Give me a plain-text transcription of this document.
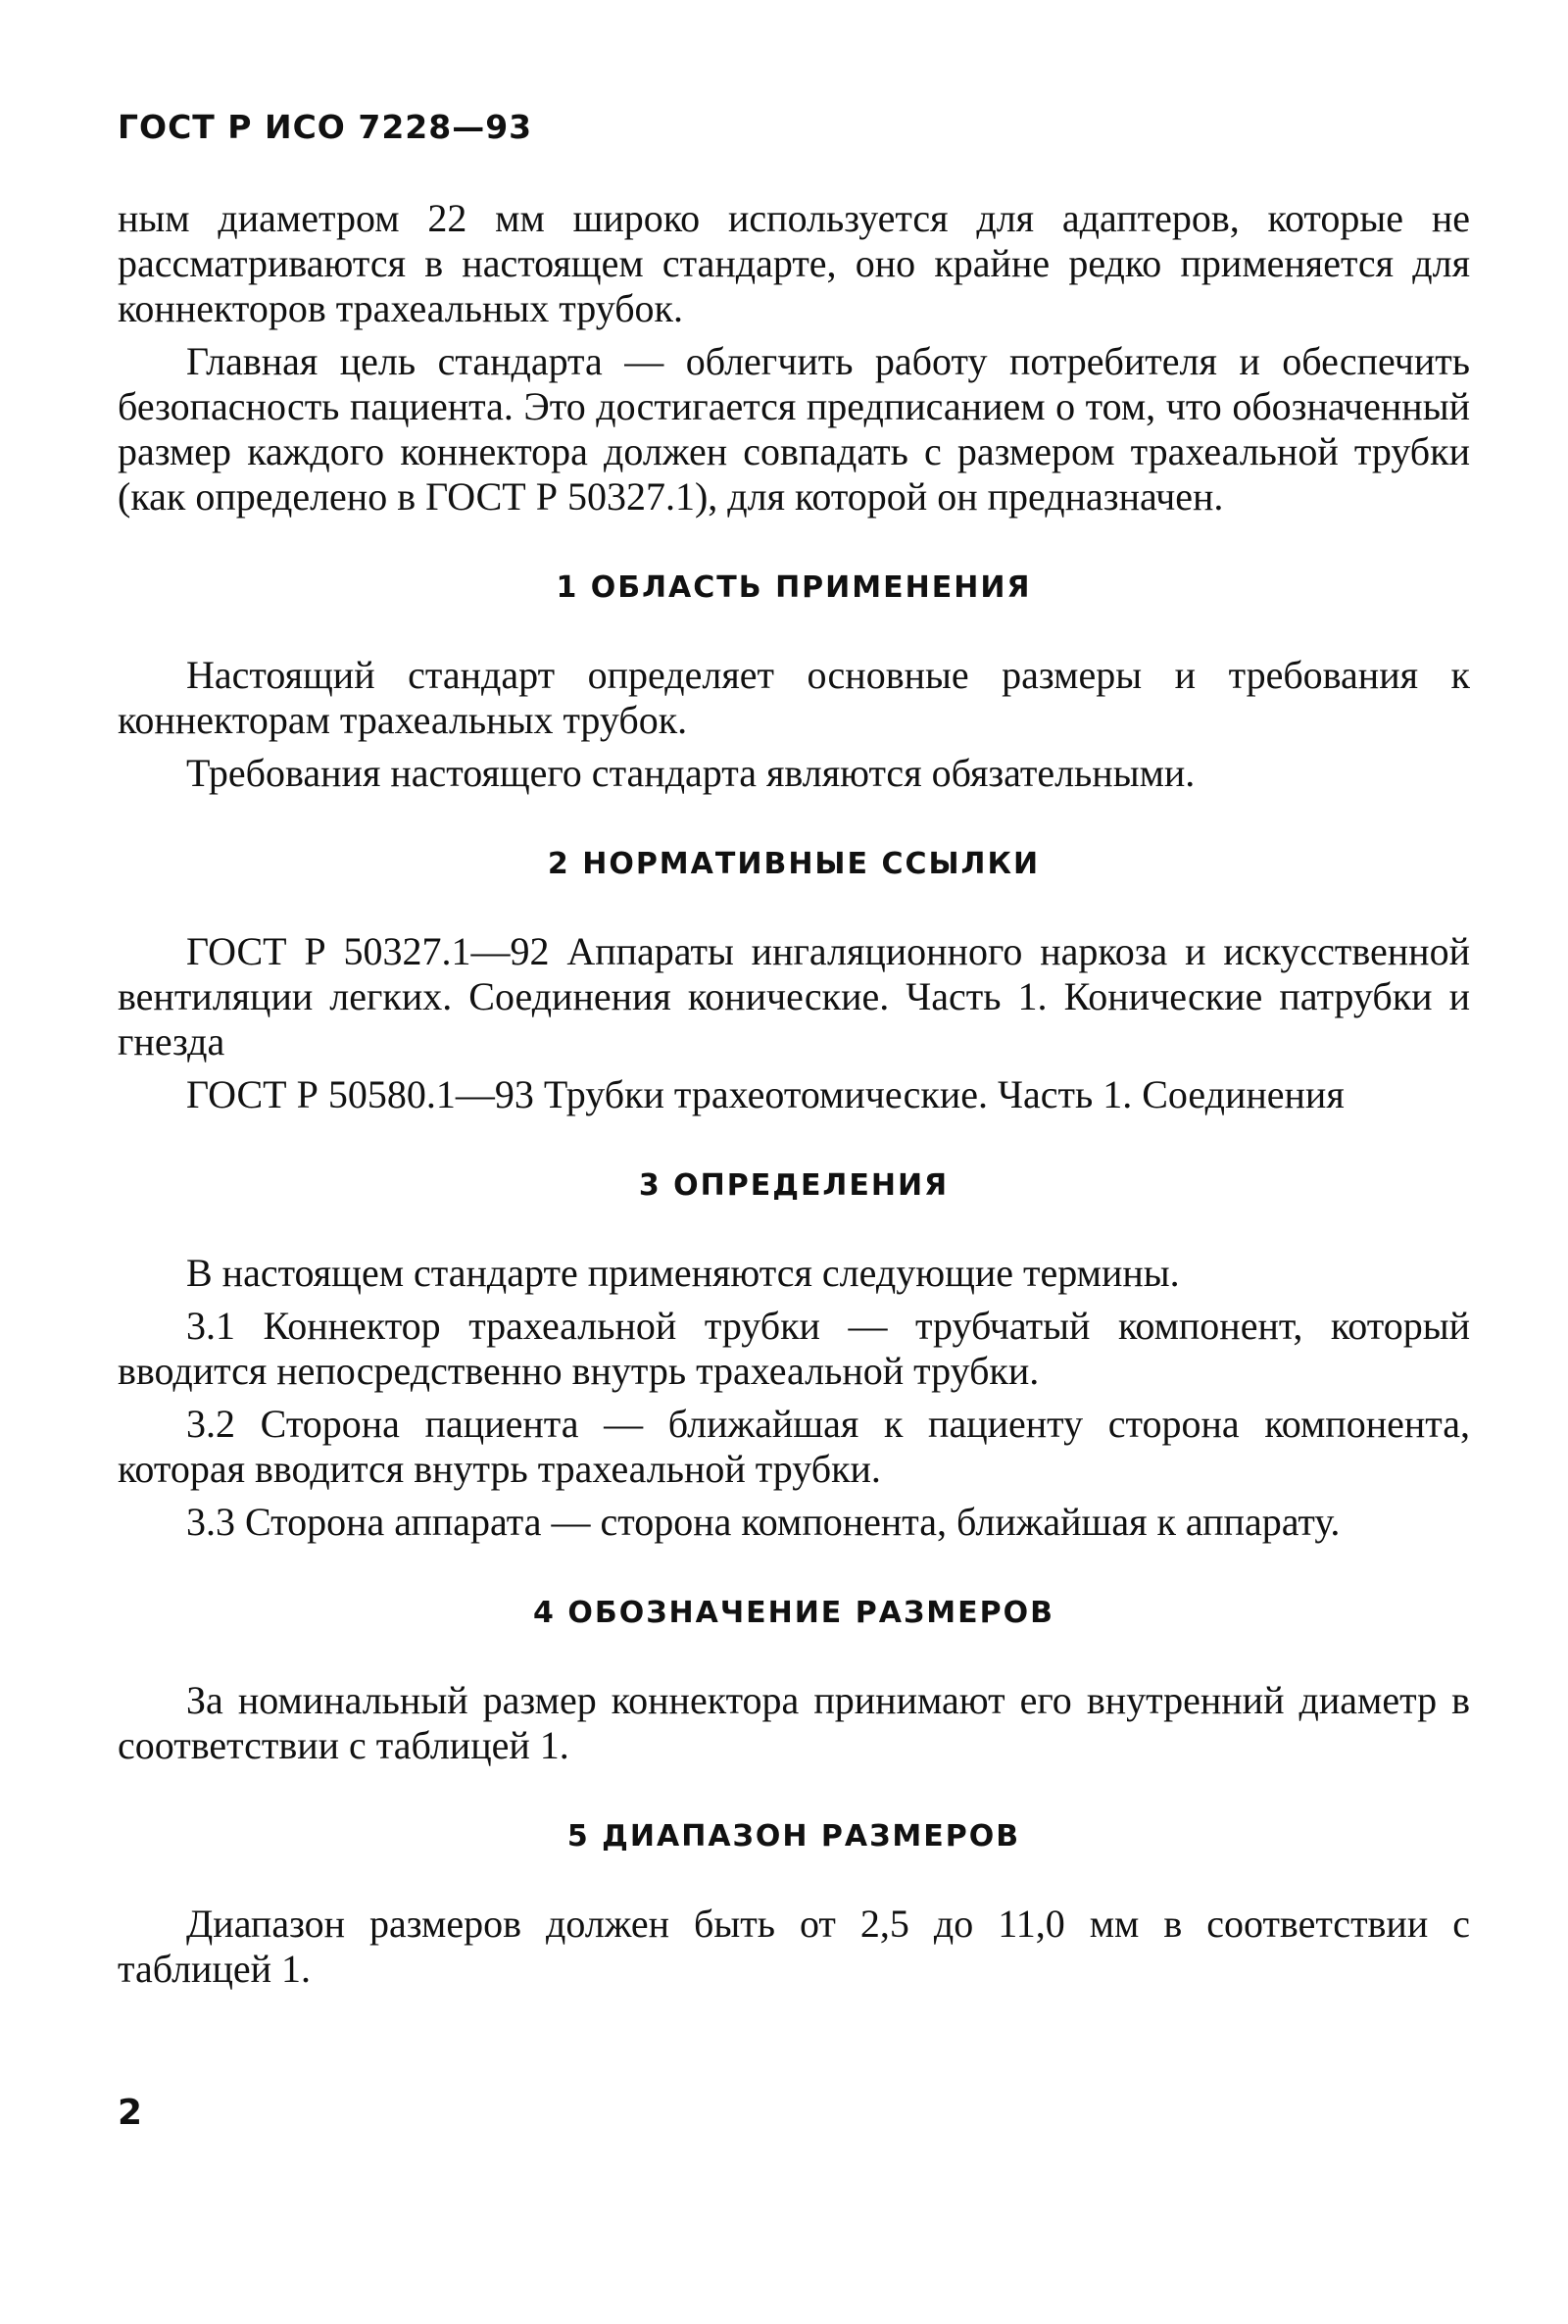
ГОСТ Р ИСО 7228—93

ным диаметром 22 мм широко используется для адаптеров, которые не рассматриваются в настоящем стандарте, оно крайне редко применяется для коннекторов трахеальных трубок.

Главная цель стандарта — облегчить работу потребителя и обеспечить безопасность пациента. Это достигается предписанием о том, что обозначенный размер каждого коннектора должен совпадать с размером трахеальной трубки (как определено в ГОСТ Р 50327.1), для которой он предназначен.

1 ОБЛАСТЬ ПРИМЕНЕНИЯ

Настоящий стандарт определяет основные размеры и требования к коннекторам трахеальных трубок.

Требования настоящего стандарта являются обязательными.

2 НОРМАТИВНЫЕ ССЫЛКИ

ГОСТ Р 50327.1—92 Аппараты ингаляционного наркоза и искусственной вентиляции легких. Соединения конические. Часть 1. Конические патрубки и гнезда

ГОСТ Р 50580.1—93 Трубки трахеотомические. Часть 1. Соединения

3 ОПРЕДЕЛЕНИЯ

В настоящем стандарте применяются следующие термины.

3.1 Коннектор трахеальной трубки — трубчатый компонент, который вводится непосредственно внутрь трахеальной трубки.

3.2 Сторона пациента — ближайшая к пациенту сторона компонента, которая вводится внутрь трахеальной трубки.

3.3 Сторона аппарата — сторона компонента, ближайшая к аппарату.

4 ОБОЗНАЧЕНИЕ РАЗМЕРОВ

За номинальный размер коннектора принимают его внутренний диаметр в соответствии с таблицей 1.

5 ДИАПАЗОН РАЗМЕРОВ

Диапазон размеров должен быть от 2,5 до 11,0 мм в соответствии с таблицей 1.

2
